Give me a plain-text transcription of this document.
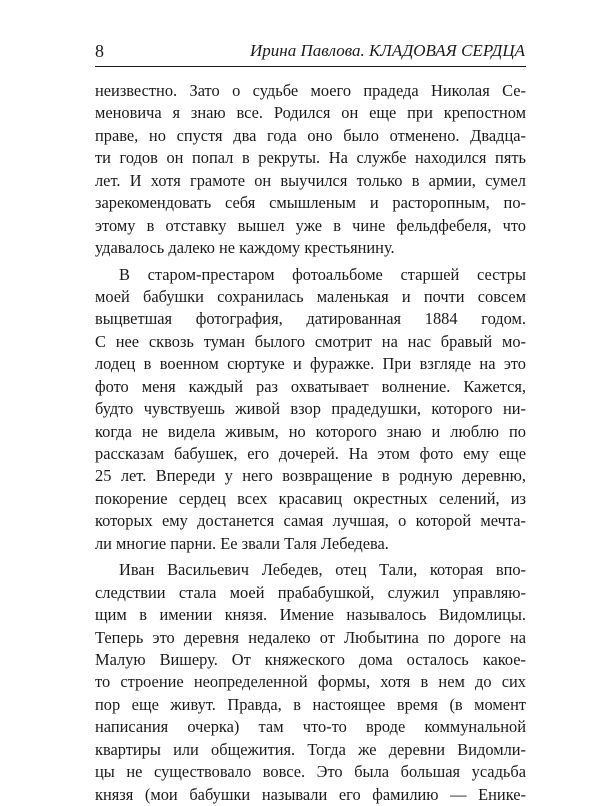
8	Ирина Павлова. КЛАДОВАЯ СЕРДЦА
неизвестно. Зато о судьбе моего прадеда Николая Се-
меновича я знаю все. Родился он еще при крепостном
праве, но спустя два года оно было отменено. Двадца-
ти годов он попал в рекруты. На службе находился пять
лет. И хотя грамоте он выучился только в армии, сумел
зарекомендовать себя смышленым и расторопным, по-
этому в отставку вышел уже в чине фельдфебеля, что
удавалось далеко не каждому крестьянину.
В старом-престаром фотоальбоме старшей сестры
моей бабушки сохранилась маленькая и почти совсем
выцветшая фотография, датированная 1884 годом.
С нее сквозь туман былого смотрит на нас бравый мо-
лодец в военном сюртуке и фуражке. При взгляде на это
фото меня каждый раз охватывает волнение. Кажется,
будто чувствуешь живой взор прадедушки, которого ни-
когда не видела живым, но которого знаю и люблю по
рассказам бабушек, его дочерей. На этом фото ему еще
25 лет. Впереди у него возвращение в родную деревню,
покорение сердец всех красавиц окрестных селений, из
которых ему достанется самая лучшая, о которой мечта-
ли многие парни. Ее звали Таля Лебедева.
Иван Васильевич Лебедев, отец Тали, которая впо-
следствии стала моей прабабушкой, служил управляю-
щим в имении князя. Имение называлось Видомлицы.
Теперь это деревня недалеко от Любытина по дороге на
Малую Вишеру. От княжеского дома осталось какое-
то строение неопределенной формы, хотя в нем до сих
пор еще живут. Правда, в настоящее время (в момент
написания очерка) там что-то вроде коммунальной
квартиры или общежития. Тогда же деревни Видомли-
цы не существовало вовсе. Это была большая усадьба
князя (мои бабушки называли его фамилию — Енике-
